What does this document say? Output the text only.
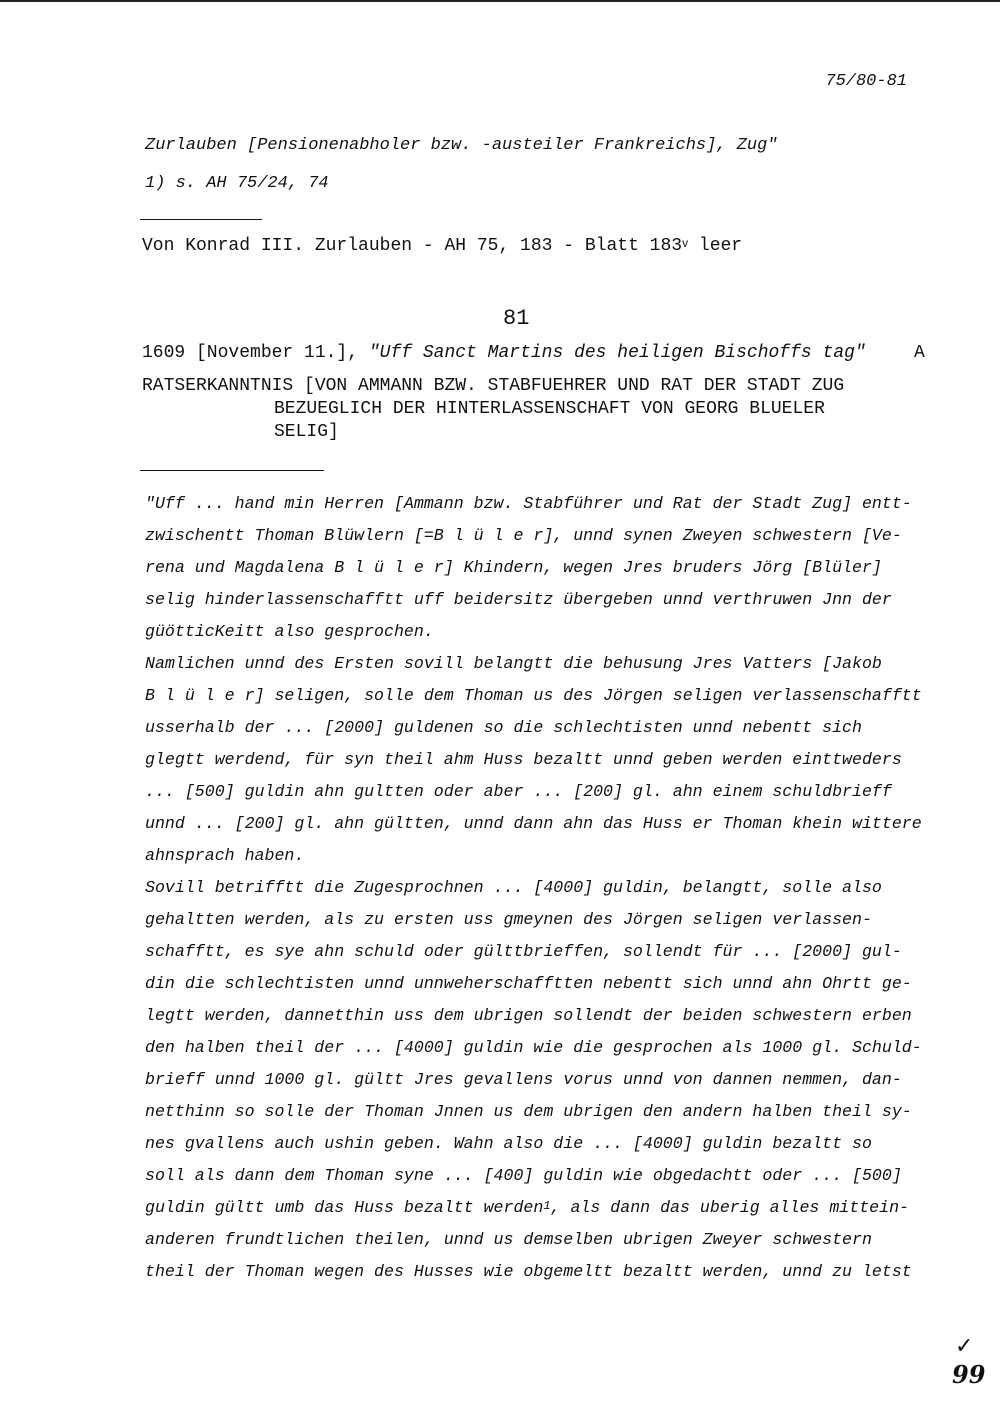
75/80-81
Zurlauben [Pensionenabholer bzw. -austeiler Frankreichs], Zug"
1) s. AH 75/24, 74
Von Konrad III. Zurlauben - AH 75, 183 - Blatt 183$^v$ leer
81
1609 [November 11.], "Uff Sanct Martins des heiligen Bischoffs tag"	A
RATSERKANNTNIS [VON AMMANN BZW. STABFUEHRER UND RAT DER STADT ZUG
BEZUEGLICH DER HINTERLASSENSCHAFT VON GEORG BLUELER
SELIG]
"Uff ... hand min Herren [Ammann bzw. Stabführer und Rat der Stadt Zug] entt-
zwischentt Thoman Blüwlern [=B l ü l e r], unnd synen Zweyen schwestern [Ve-
rena und Magdalena B l ü l e r] Khindern, wegen Jres bruders Jörg [Blüler]
selig hinderlassenschafftt uff beidersitz übergeben unnd verthruwen Jnn der
güötticKeitt also gesprochen.
Namlichen unnd des Ersten sovill belangtt die behusung Jres Vatters [Jakob
B l ü l e r] seligen, solle dem Thoman us des Jörgen seligen verlassenschafftt
usserhalb der ... [2000] guldenen so die schlechtisten unnd nebentt sich
glegtt werdend, für syn theil ahm Huss bezaltt unnd geben werden einttweders
... [500] guldin ahn gultten oder aber ... [200] gl. ahn einem schuldbrieff
unnd ... [200] gl. ahn gültten, unnd dann ahn das Huss er Thoman khein wittere
ahnsprach haben.
Sovill betrifftt die Zugesprochnen ... [4000] guldin, belangtt, solle also
gehaltten werden, als zu ersten uss gmeynen des Jörgen seligen verlassen-
schafftt, es sye ahn schuld oder gülttbrieffen, sollendt für ... [2000] gul-
din die schlechtisten unnd unnweherschafftten nebentt sich unnd ahn Ohrtt ge-
legtt werden, dannetthin uss dem ubrigen sollendt der beiden schwestern erben
den halben theil der ... [4000] guldin wie die gesprochen als 1000 gl. Schuld-
brieff unnd 1000 gl. gültt Jres gevallens vorus unnd von dannen nemmen, dan-
netthinn so solle der Thoman Jnnen us dem ubrigen den andern halben theil sy-
nes gvallens auch ushin geben. Wahn also die ... [4000] guldin bezaltt so
soll als dann dem Thoman syne ... [400] guldin wie obgedachtt oder ... [500]
guldin gültt umb das Huss bezaltt werden$^1$, als dann das uberig alles mittein-
anderen frundtlichen theilen, unnd us demselben ubrigen Zweyer schwestern
theil der Thoman wegen des Husses wie obgemeltt bezaltt werden, unnd zu letst
✓
99
